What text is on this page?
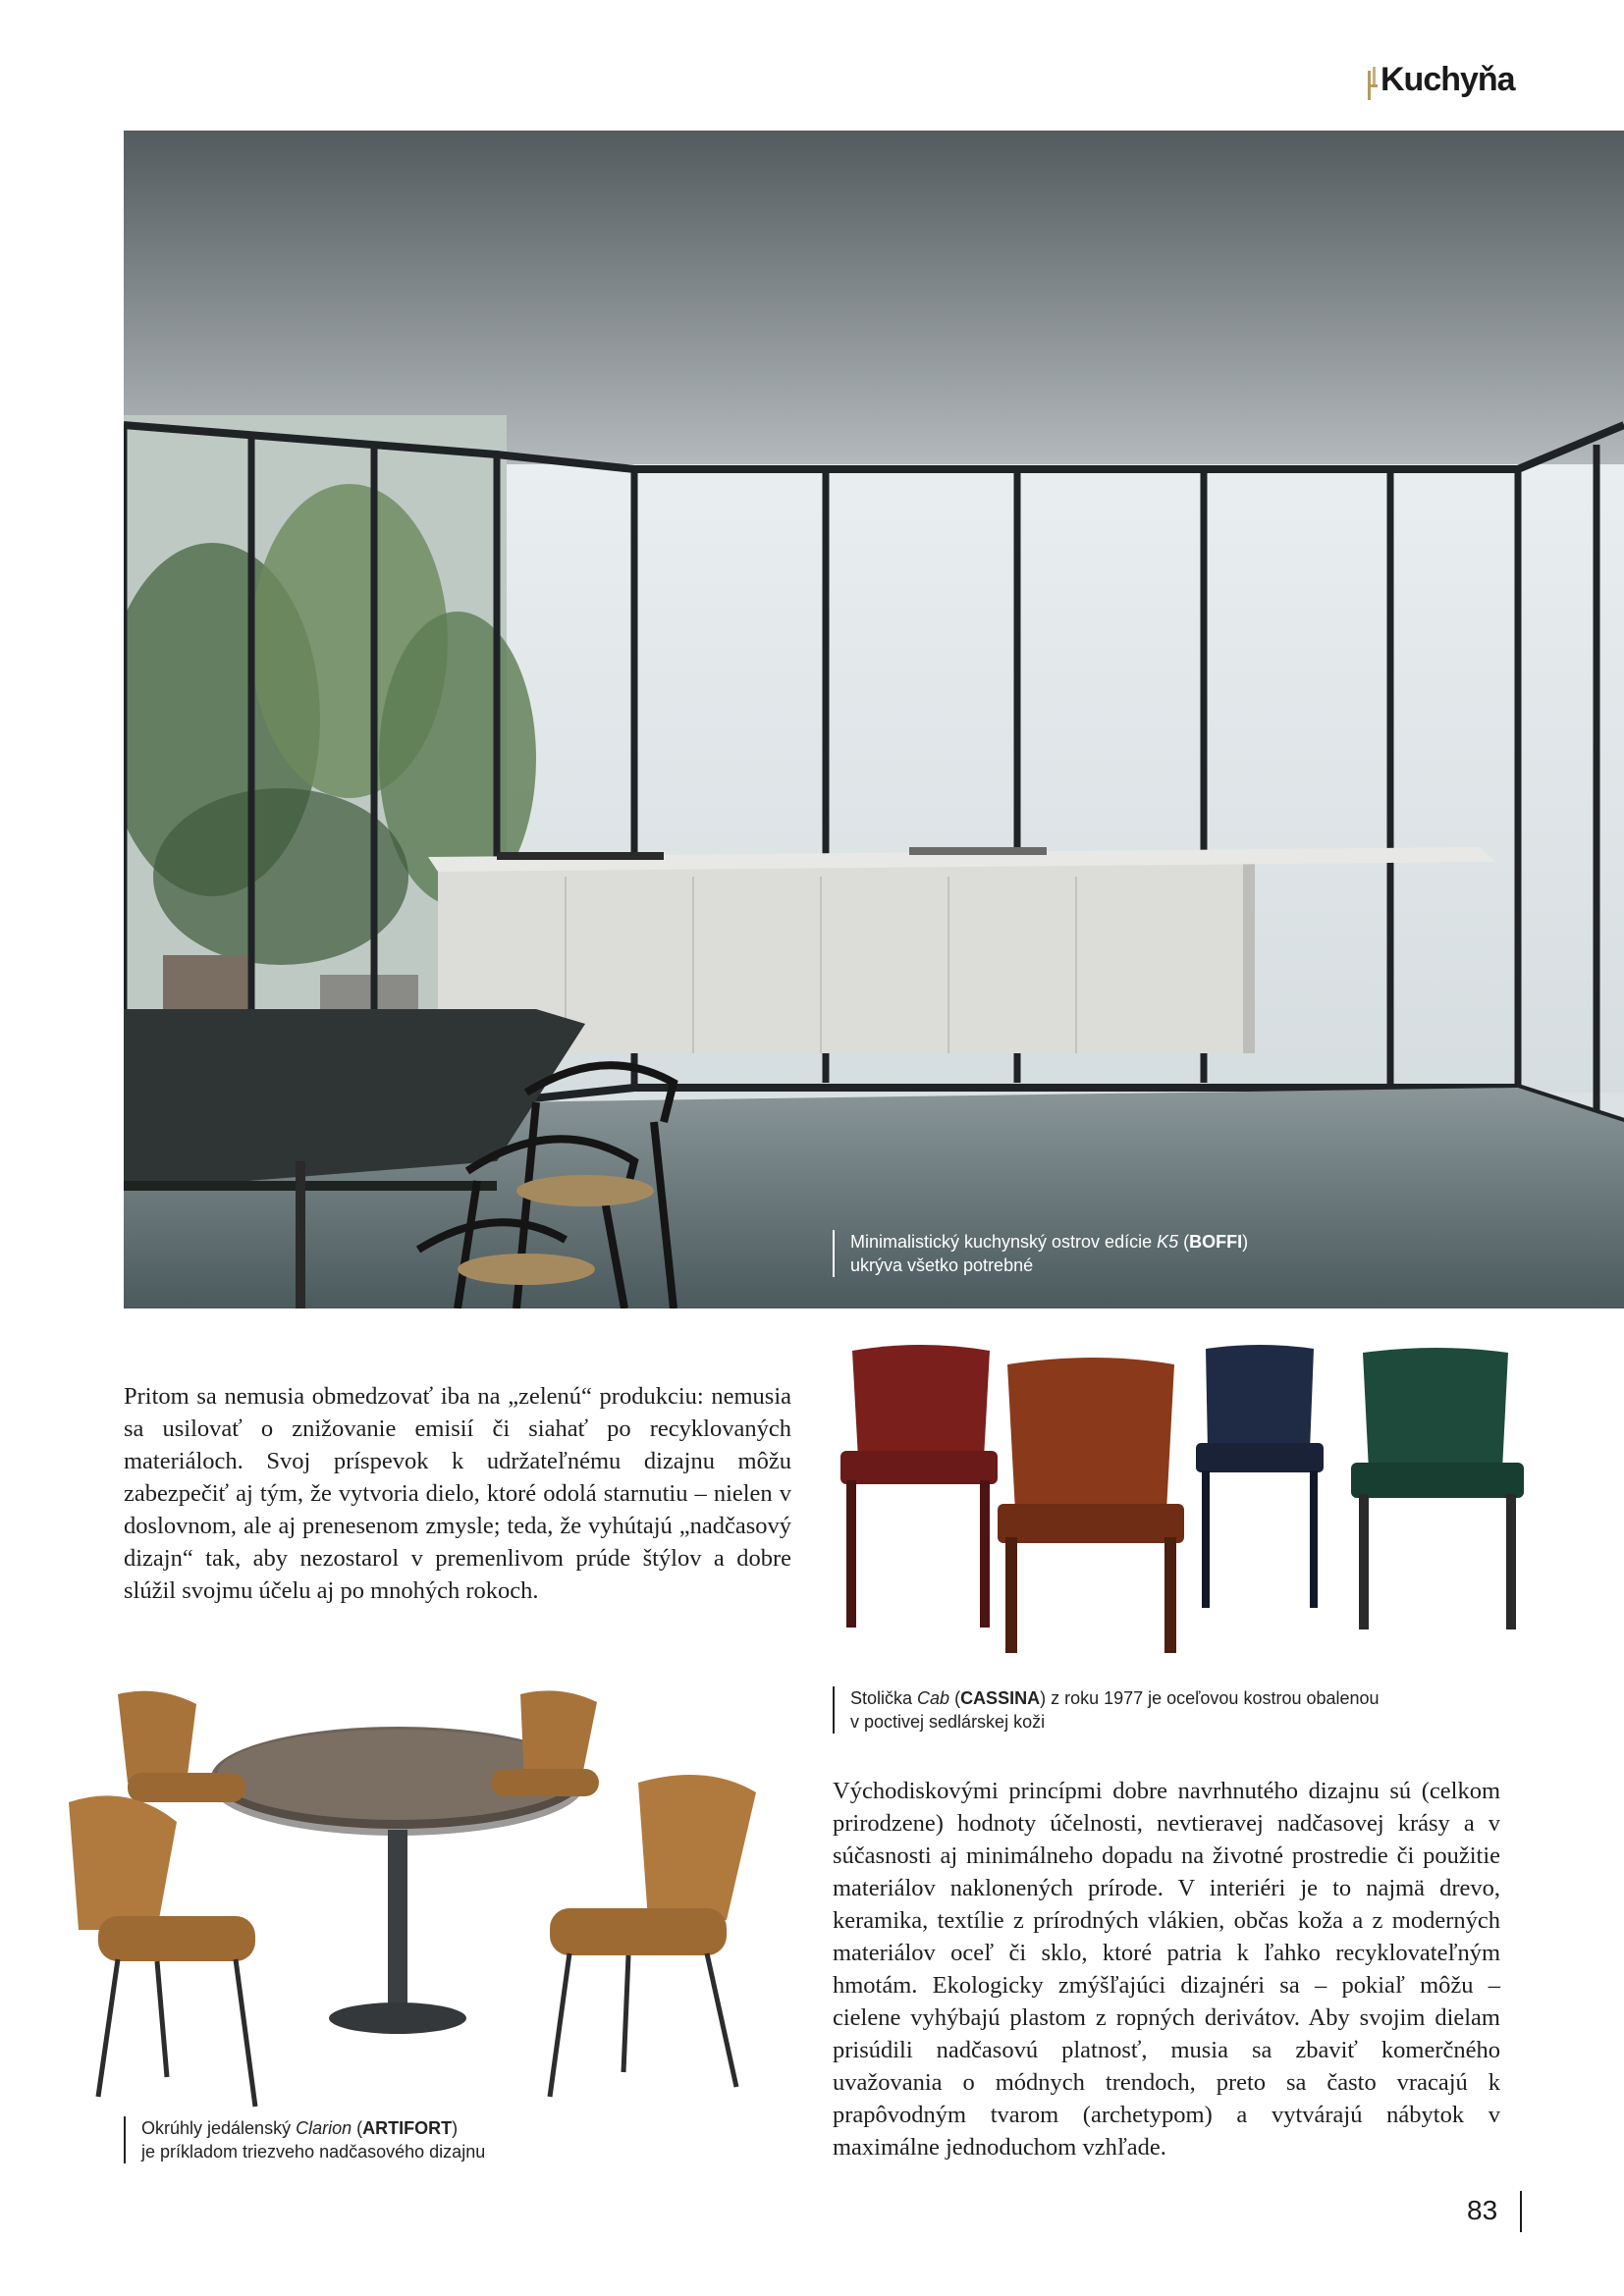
Kuchyňa
Minimalistický kuchynský ostrov edície K5 (BOFFI)
ukrýva všetko potrebné

Pritom sa nemusia obmedzovať iba na „zelenú“ produkciu: nemusia sa usilovať o znižovanie emisií či siahať po recyklovaných materiáloch. Svoj príspevok k udržateľnému dizajnu môžu zabezpečiť aj tým, že vytvoria dielo, ktoré odolá starnutiu – nielen v doslovnom, ale aj prenesenom zmysle; teda, že vyhútajú „nadčasový dizajn“ tak, aby nezostarol v premenlivom prúde štýlov a dobre slúžil svojmu účelu aj po mnohých rokoch.

Stolička Cab (CASSINA) z roku 1977 je oceľovou kostrou obalenou
v poctivej sedlárskej koži
Okrúhly jedálenský Clarion (ARTIFORT)
je príkladom triezveho nadčasového dizajnu

Východiskovými princípmi dobre navrhnutého dizajnu sú (celkom prirodzene) hodnoty účelnosti, nevtieravej nadčasovej krásy a v súčasnosti aj minimálneho dopadu na životné prostredie či použitie materiálov naklonených prírode. V interiéri je to najmä drevo, keramika, textílie z prírodných vlákien, občas koža a z moderných materiálov oceľ či sklo, ktoré patria k ľahko recyklovateľným hmotám. Ekologicky zmýšľajúci dizajnéri sa – pokiaľ môžu – cielene vyhýbajú plastom z ropných derivátov. Aby svojim dielam prisúdili nadčasovú platnosť, musia sa zbaviť komerčného uvažovania o módnych trendoch, preto sa často vracajú k prapôvodným tvarom (archetypom) a vytvárajú nábytok v maximálne jednoduchom vzhľade.

83
